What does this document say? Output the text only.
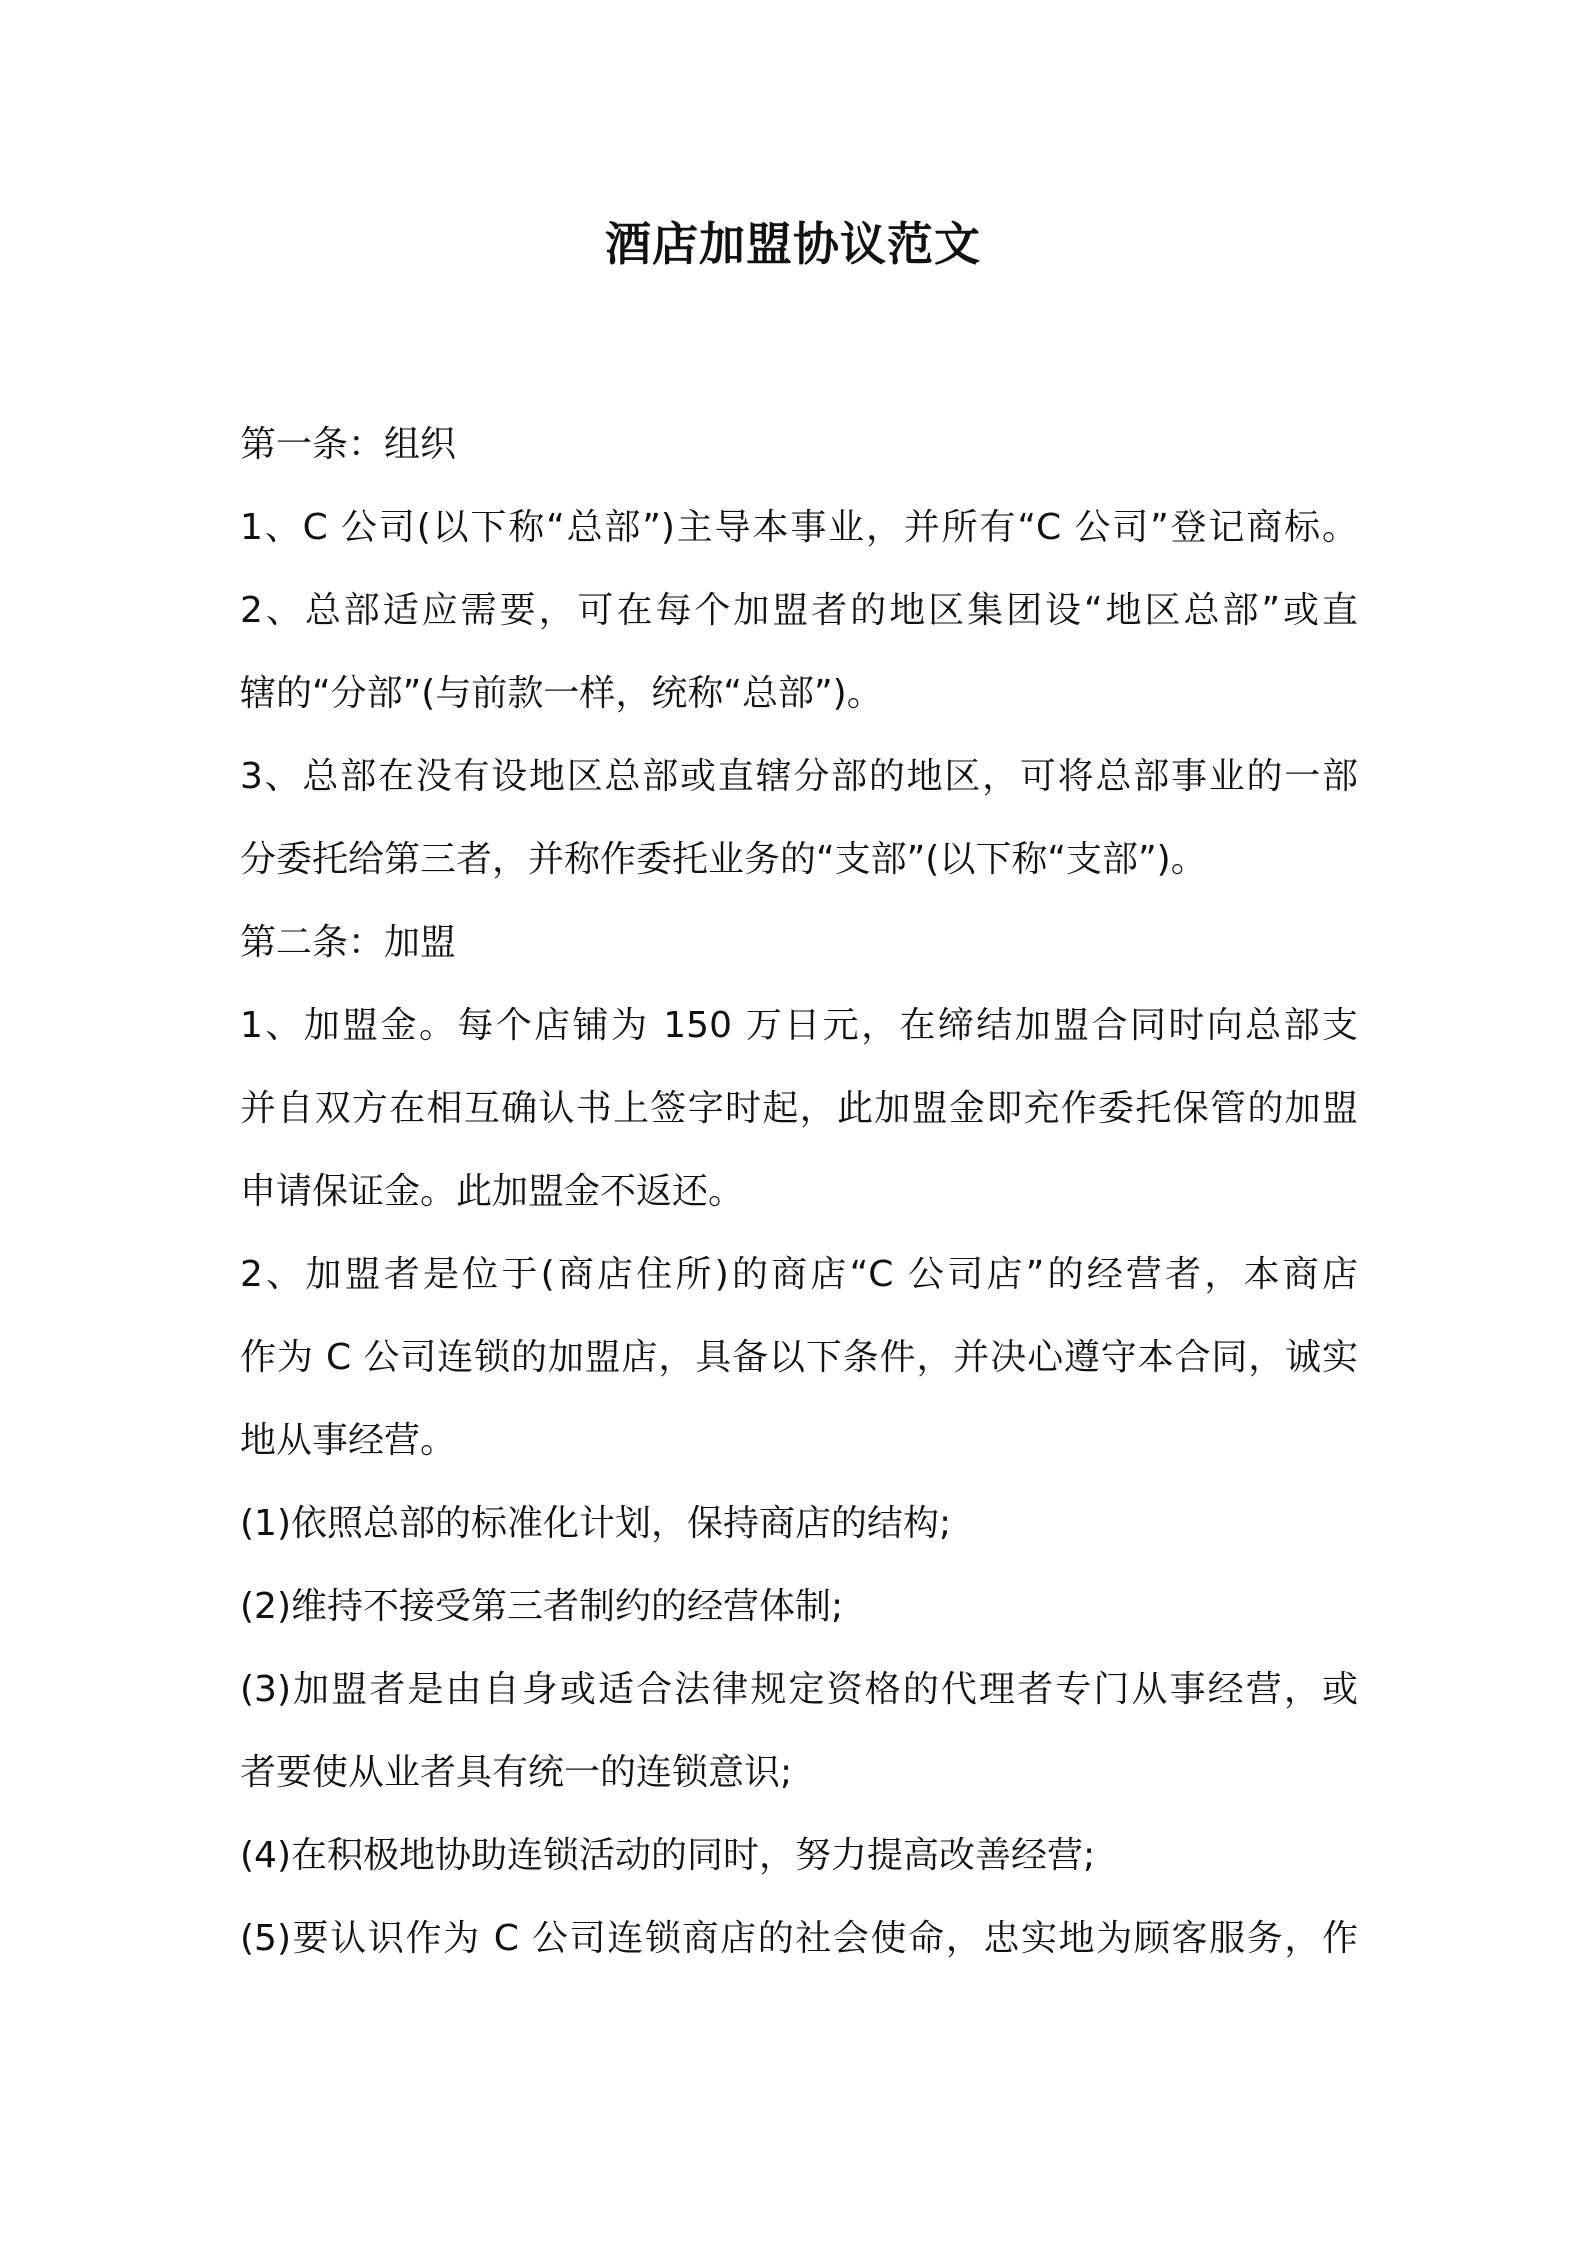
酒店加盟协议范文
第一条：组织
1、C 公司(以下称“总部”)主导本事业，并所有“C 公司”登记商标。
2、总部适应需要，可在每个加盟者的地区集团设“地区总部”或直
辖的“分部”(与前款一样，统称“总部”)。
3、总部在没有设地区总部或直辖分部的地区，可将总部事业的一部
分委托给第三者，并称作委托业务的“支部”(以下称“支部”)。
第二条：加盟
1、加盟金。每个店铺为 150 万日元，在缔结加盟合同时向总部支
并自双方在相互确认书上签字时起，此加盟金即充作委托保管的加盟
申请保证金。此加盟金不返还。
2、加盟者是位于(商店住所)的商店“C 公司店”的经营者，本商店
作为 C 公司连锁的加盟店，具备以下条件，并决心遵守本合同，诚实
地从事经营。
(1)依照总部的标准化计划，保持商店的结构;
(2)维持不接受第三者制约的经营体制;
(3)加盟者是由自身或适合法律规定资格的代理者专门从事经营，或
者要使从业者具有统一的连锁意识;
(4)在积极地协助连锁活动的同时，努力提高改善经营;
(5)要认识作为 C 公司连锁商店的社会使命，忠实地为顾客服务，作
